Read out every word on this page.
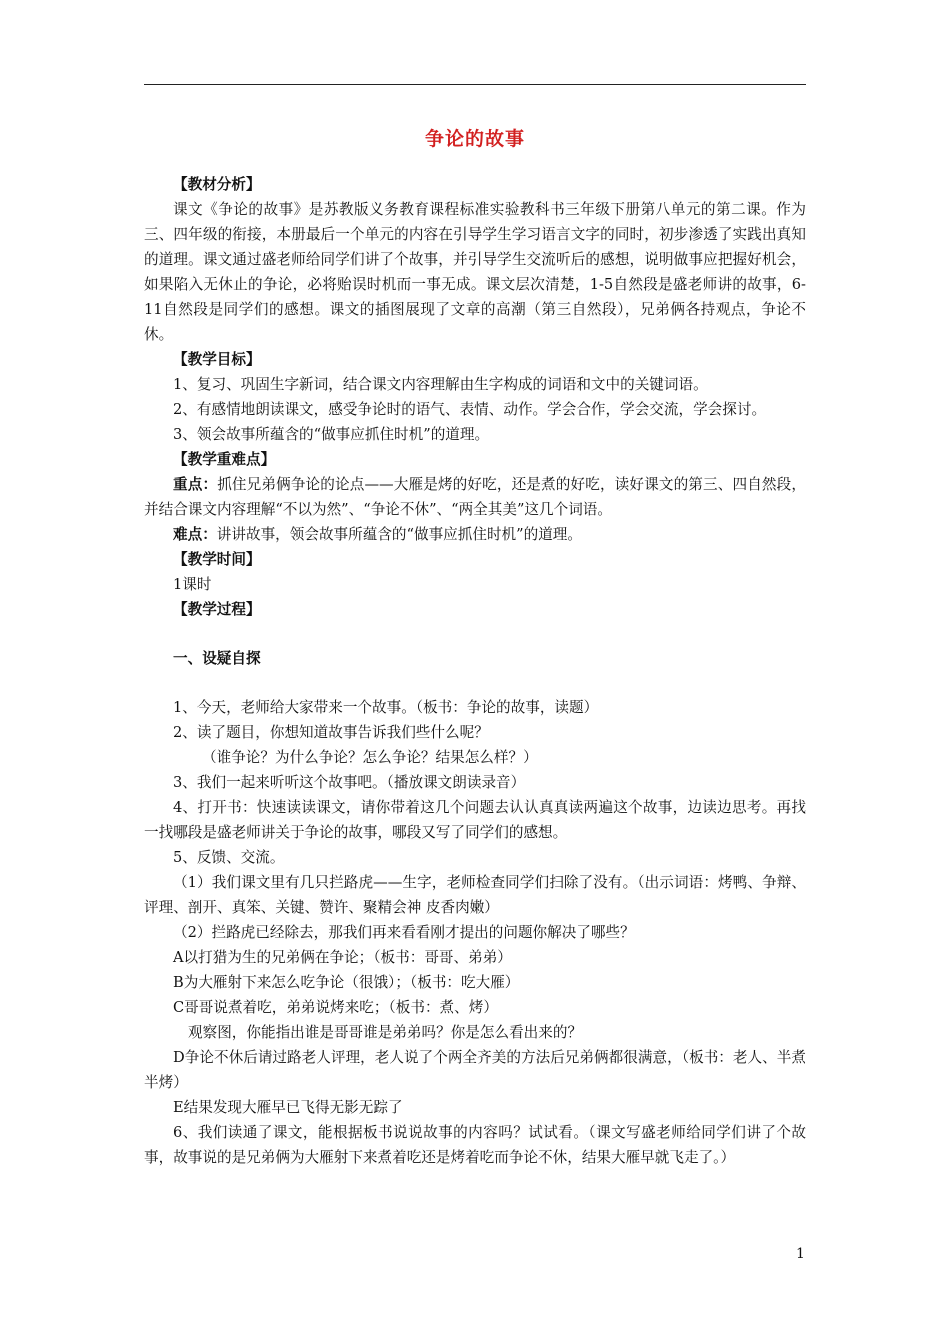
争论的故事

【教材分析】

课文《争论的故事》是苏教版义务教育课程标准实验教科书三年级下册第八单元的第二课。作为三、四年级的衔接，本册最后一个单元的内容在引导学生学习语言文字的同时，初步渗透了实践出真知的道理。课文通过盛老师给同学们讲了个故事，并引导学生交流听后的感想，说明做事应把握好机会，如果陷入无休止的争论，必将贻误时机而一事无成。课文层次清楚，1-5自然段是盛老师讲的故事，6-11自然段是同学们的感想。课文的插图展现了文章的高潮（第三自然段），兄弟俩各持观点，争论不休。

【教学目标】

1、复习、巩固生字新词，结合课文内容理解由生字构成的词语和文中的关键词语。

2、有感情地朗读课文，感受争论时的语气、表情、动作。学会合作，学会交流，学会探讨。

3、领会故事所蕴含的“做事应抓住时机”的道理。

【教学重难点】

重点：抓住兄弟俩争论的论点——大雁是烤的好吃，还是煮的好吃，读好课文的第三、四自然段，并结合课文内容理解“不以为然”、“争论不休”、“两全其美”这几个词语。

难点：讲讲故事，领会故事所蕴含的“做事应抓住时机”的道理。

【教学时间】

1课时

【教学过程】

一、设疑自探

1、今天，老师给大家带来一个故事。（板书：争论的故事，读题）

2、读了题目，你想知道故事告诉我们些什么呢？

（谁争论？为什么争论？怎么争论？结果怎么样？）

3、我们一起来听听这个故事吧。（播放课文朗读录音）

4、打开书：快速读读课文，请你带着这几个问题去认认真真读两遍这个故事，边读边思考。再找一找哪段是盛老师讲关于争论的故事，哪段又写了同学们的感想。

5、反馈、交流。

（1）我们课文里有几只拦路虎——生字，老师检查同学们扫除了没有。（出示词语：烤鸭、争辩、评理、剖开、真笨、关键、赞许、聚精会神 皮香肉嫩）

（2）拦路虎已经除去，那我们再来看看刚才提出的问题你解决了哪些？

A以打猎为生的兄弟俩在争论；（板书：哥哥、弟弟）

B为大雁射下来怎么吃争论（很饿）；（板书：吃大雁）

C哥哥说煮着吃，弟弟说烤来吃；（板书：煮、烤）

观察图，你能指出谁是哥哥谁是弟弟吗？你是怎么看出来的？

D争论不休后请过路老人评理，老人说了个两全齐美的方法后兄弟俩都很满意，（板书：老人、半煮半烤）

E结果发现大雁早已飞得无影无踪了

6、我们读通了课文，能根据板书说说故事的内容吗？试试看。（课文写盛老师给同学们讲了个故事，故事说的是兄弟俩为大雁射下来煮着吃还是烤着吃而争论不休，结果大雁早就飞走了。）

1
